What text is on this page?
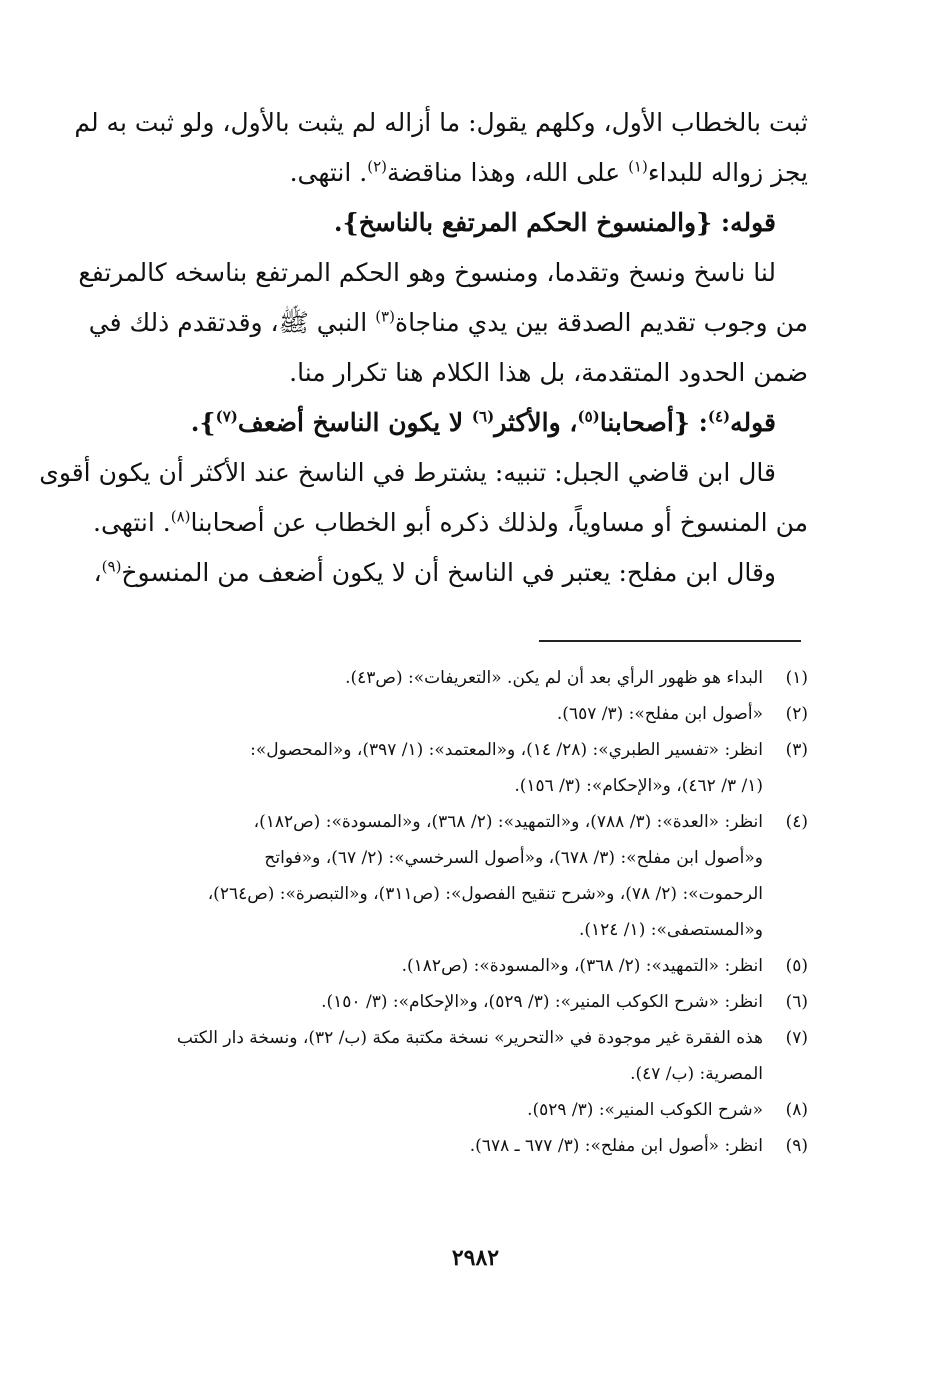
ثبت بالخطاب الأول، وكلهم يقول: ما أزاله لم يثبت بالأول، ولو ثبت به لم
يجز زواله للبداء$^{(١)}$ على الله، وهذا مناقضة$^{(٢)}$. انتهى.
قوله: {والمنسوخ الحكم المرتفع بالناسخ}.
لنا ناسخ ونسخ وتقدما، ومنسوخ وهو الحكم المرتفع بناسخه كالمرتفع
من وجوب تقديم الصدقة بين يدي مناجاة$^{(٣)}$ النبي ﷺ، وقدتقدم ذلك في
ضمن الحدود المتقدمة، بل هذا الكلام هنا تكرار منا.
قوله$^{(٤)}$: {أصحابنا$^{(٥)}$، والأكثر$^{(٦)}$ لا يكون الناسخ أضعف$^{(٧)}$}.
قال ابن قاضي الجبل: تنبيه: يشترط في الناسخ عند الأكثر أن يكون أقوى
من المنسوخ أو مساوياً، ولذلك ذكره أبو الخطاب عن أصحابنا$^{(٨)}$. انتهى.
وقال ابن مفلح: يعتبر في الناسخ أن لا يكون أضعف من المنسوخ$^{(٩)}$،
(١)
البداء هو ظهور الرأي بعد أن لم يكن. «التعريفات»: (ص٤٣).
(٢)
«أصول ابن مفلح»: (٣/ ٦٥٧).
(٣)
انظر: «تفسير الطبري»: (٢٨/ ١٤)، و«المعتمد»: (١/ ٣٩٧)، و«المحصول»:
(١/ ٣/ ٤٦٢)، و«الإحكام»: (٣/ ١٥٦).
(٤)
انظر: «العدة»: (٣/ ٧٨٨)، و«التمهيد»: (٢/ ٣٦٨)، و«المسودة»: (ص١٨٢)،
و«أصول ابن مفلح»: (٣/ ٦٧٨)، و«أصول السرخسي»: (٢/ ٦٧)، و«فواتح
الرحموت»: (٢/ ٧٨)، و«شرح تنقيح الفصول»: (ص٣١١)، و«التبصرة»: (ص٢٦٤)،
و«المستصفى»: (١/ ١٢٤).
(٥)
انظر: «التمهيد»: (٢/ ٣٦٨)، و«المسودة»: (ص١٨٢).
(٦)
انظر: «شرح الكوكب المنير»: (٣/ ٥٢٩)، و«الإحكام»: (٣/ ١٥٠).
(٧)
هذه الفقرة غير موجودة في «التحرير» نسخة مكتبة مكة (ب/ ٣٢)، ونسخة دار الكتب
المصرية: (ب/ ٤٧).
(٨)
«شرح الكوكب المنير»: (٣/ ٥٢٩).
(٩)
انظر: «أصول ابن مفلح»: (٣/ ٦٧٧ ـ ٦٧٨).
٢٩٨٢
